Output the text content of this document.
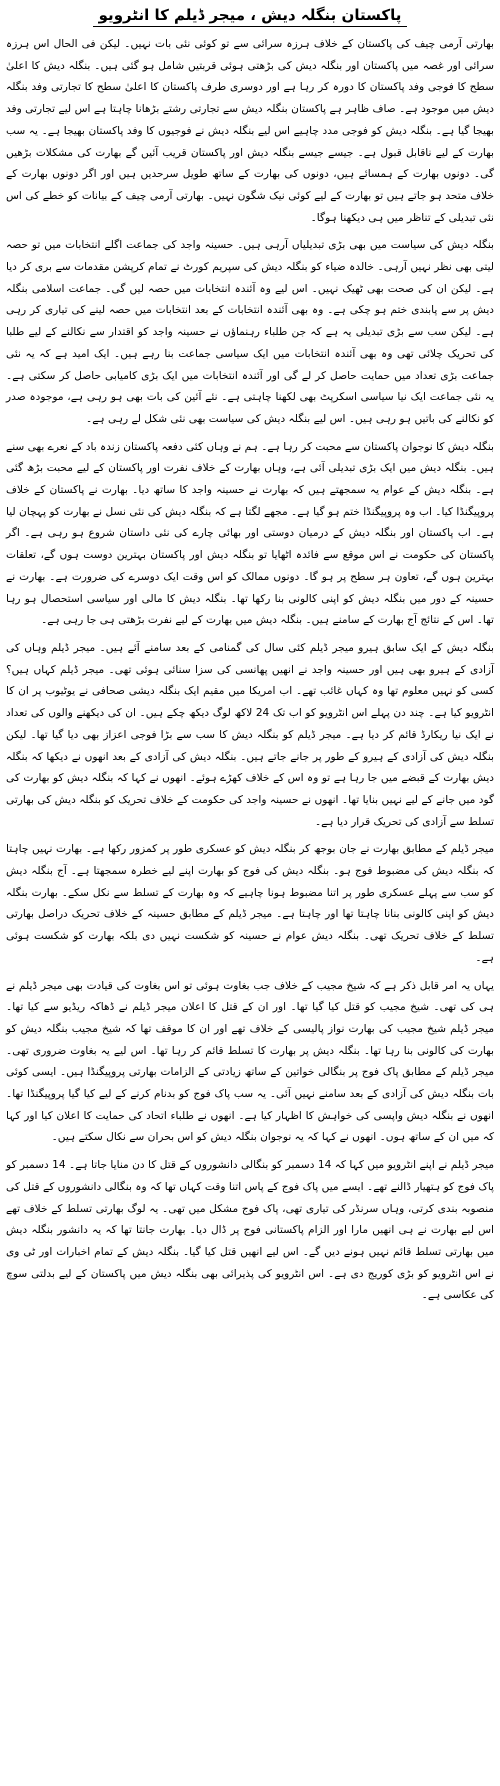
پاکستان بنگلہ دیش ، میجر ڈیلم کا انٹرویو

بھارتی آرمی چیف کی پاکستان کے خلاف ہرزہ سرائی سے تو کوئی نئی بات نہیں۔ لیکن فی الحال اس ہرزہ سرائی اور غصہ میں پاکستان اور بنگلہ دیش کی بڑھتی ہوئی قربتیں شامل ہو گئی ہیں۔ بنگلہ دیش کا اعلیٰ سطح کا فوجی وفد پاکستان کا دورہ کر رہا ہے اور دوسری طرف پاکستان کا اعلیٰ سطح کا تجارتی وفد بنگلہ دیش میں موجود ہے۔ صاف ظاہر ہے پاکستان بنگلہ دیش سے تجارتی رشتے بڑھانا چاہتا ہے اس لیے تجارتی وفد بھیجا گیا ہے۔ بنگلہ دیش کو فوجی مدد چاہیے اس لیے بنگلہ دیش نے فوجیوں کا وفد پاکستان بھیجا ہے۔ یہ سب بھارت کے لیے ناقابل قبول ہے۔ جیسے جیسے بنگلہ دیش اور پاکستان قریب آئیں گے بھارت کی مشکلات بڑھیں گی۔ دونوں بھارت کے ہمسائے ہیں، دونوں کی بھارت کے ساتھ طویل سرحدیں ہیں اور اگر دونوں بھارت کے خلاف متحد ہو جاتے ہیں تو بھارت کے لیے کوئی نیک شگون نہیں۔ بھارتی آرمی چیف کے بیانات کو خطے کی اس نئی تبدیلی کے تناظر میں ہی دیکھنا ہوگا۔

بنگلہ دیش کی سیاست میں بھی بڑی تبدیلیاں آرہی ہیں۔ حسینہ واجد کی جماعت اگلے انتخابات میں تو حصہ لیتی بھی نظر نہیں آرہی۔ خالدہ ضیاء کو بنگلہ دیش کی سپریم کورٹ نے تمام کرپشن مقدمات سے بری کر دیا ہے۔ لیکن ان کی صحت بھی ٹھیک نہیں۔ اس لیے وہ آئندہ انتخابات میں حصہ لیں گی۔ جماعت اسلامی بنگلہ دیش پر سے پابندی ختم ہو چکی ہے۔ وہ بھی آئندہ انتخابات کے بعد انتخابات میں حصہ لینے کی تیاری کر رہی ہے۔ لیکن سب سے بڑی تبدیلی یہ ہے کہ جن طلباء رہنماؤں نے حسینہ واجد کو اقتدار سے نکالنے کے لیے طلبا کی تحریک چلائی تھی وہ بھی آئندہ انتخابات میں ایک سیاسی جماعت بنا رہے ہیں۔ ایک امید ہے کہ یہ نئی جماعت بڑی تعداد میں حمایت حاصل کر لے گی اور آئندہ انتخابات میں ایک بڑی کامیابی حاصل کر سکتی ہے۔ یہ نئی جماعت ایک نیا سیاسی اسکرپٹ بھی لکھنا چاہتی ہے۔ نئے آئین کی بات بھی ہو رہی ہے، موجودہ صدر کو نکالنے کی باتیں ہو رہی ہیں۔ اس لیے بنگلہ دیش کی سیاست بھی نئی شکل لے رہی ہے۔

بنگلہ دیش کا نوجوان پاکستان سے محبت کر رہا ہے۔ ہم نے وہاں کئی دفعہ پاکستان زندہ باد کے نعرے بھی سنے ہیں۔ بنگلہ دیش میں ایک بڑی تبدیلی آئی ہے، وہاں بھارت کے خلاف نفرت اور پاکستان کے لیے محبت بڑھ گئی ہے۔ بنگلہ دیش کے عوام یہ سمجھتے ہیں کہ بھارت نے حسینہ واجد کا ساتھ دیا۔ بھارت نے پاکستان کے خلاف پروپیگنڈا کیا۔ اب وہ پروپیگنڈا ختم ہو گیا ہے۔ مجھے لگتا ہے کہ بنگلہ دیش کی نئی نسل نے بھارت کو پہچان لیا ہے۔ اب پاکستان اور بنگلہ دیش کے درمیان دوستی اور بھائی چارے کی نئی داستان شروع ہو رہی ہے۔ اگر پاکستان کی حکومت نے اس موقع سے فائدہ اٹھایا تو بنگلہ دیش اور پاکستان بہترین دوست ہوں گے، تعلقات بہترین ہوں گے، تعاون ہر سطح پر ہو گا۔ دونوں ممالک کو اس وقت ایک دوسرے کی ضرورت ہے۔ بھارت نے حسینہ کے دور میں بنگلہ دیش کو اپنی کالونی بنا رکھا تھا۔ بنگلہ دیش کا مالی اور سیاسی استحصال ہو رہا تھا۔ اس کے نتائج آج بھارت کے سامنے ہیں۔ بنگلہ دیش میں بھارت کے لیے نفرت بڑھتی ہی جا رہی ہے۔

بنگلہ دیش کے ایک سابق ہیرو میجر ڈیلم کئی سال کی گمنامی کے بعد سامنے آئے ہیں۔ میجر ڈیلم وہاں کی آزادی کے ہیرو بھی ہیں اور حسینہ واجد نے انھیں پھانسی کی سزا سنائی ہوئی تھی۔ میجر ڈیلم کہاں ہیں؟ کسی کو نہیں معلوم تھا وہ کہاں غائب تھے۔ اب امریکا میں مقیم ایک بنگلہ دیشی صحافی نے یوٹیوب پر ان کا انٹرویو کیا ہے۔ چند دن پہلے اس انٹرویو کو اب تک 24 لاکھ لوگ دیکھ چکے ہیں۔ ان کی دیکھنے والوں کی تعداد نے ایک نیا ریکارڈ قائم کر دیا ہے۔ میجر ڈیلم کو بنگلہ دیش کا سب سے بڑا فوجی اعزاز بھی دیا گیا تھا۔ لیکن بنگلہ دیش کی آزادی کے ہیرو کے طور پر جانے جاتے ہیں۔ بنگلہ دیش کی آزادی کے بعد انھوں نے دیکھا کہ بنگلہ دیش بھارت کے قبضے میں جا رہا ہے تو وہ اس کے خلاف کھڑے ہوئے۔ انھوں نے کہا کہ بنگلہ دیش کو بھارت کی گود میں جانے کے لیے نہیں بنایا تھا۔ انھوں نے حسینہ واجد کی حکومت کے خلاف تحریک کو بنگلہ دیش کی بھارتی تسلط سے آزادی کی تحریک قرار دیا ہے۔

میجر ڈیلم کے مطابق بھارت نے جان بوجھ کر بنگلہ دیش کو عسکری طور پر کمزور رکھا ہے۔ بھارت نہیں چاہتا کہ بنگلہ دیش کی مضبوط فوج ہو۔ بنگلہ دیش کی فوج کو بھارت اپنے لیے خطرہ سمجھتا ہے۔ آج بنگلہ دیش کو سب سے پہلے عسکری طور پر اتنا مضبوط ہونا چاہیے کہ وہ بھارت کے تسلط سے نکل سکے۔ بھارت بنگلہ دیش کو اپنی کالونی بنانا چاہتا تھا اور چاہتا ہے۔ میجر ڈیلم کے مطابق حسینہ کے خلاف تحریک دراصل بھارتی تسلط کے خلاف تحریک تھی۔ بنگلہ دیش عوام نے حسینہ کو شکست نہیں دی بلکہ بھارت کو شکست ہوئی ہے۔

یہاں یہ امر قابل ذکر ہے کہ شیخ مجیب کے خلاف جب بغاوت ہوئی تو اس بغاوت کی قیادت بھی میجر ڈیلم نے ہی کی تھی۔ شیخ مجیب کو قتل کیا گیا تھا۔ اور ان کے قتل کا اعلان میجر ڈیلم نے ڈھاکہ ریڈیو سے کیا تھا۔ میجر ڈیلم شیخ مجیب کی بھارت نواز پالیسی کے خلاف تھے اور ان کا موقف تھا کہ شیخ مجیب بنگلہ دیش کو بھارت کی کالونی بنا رہا تھا۔ بنگلہ دیش پر بھارت کا تسلط قائم کر رہا تھا۔ اس لیے یہ بغاوت ضروری تھی۔ میجر ڈیلم کے مطابق پاک فوج پر بنگالی خواتین کے ساتھ زیادتی کے الزامات بھارتی پروپیگنڈا ہیں۔ ایسی کوئی بات بنگلہ دیش کی آزادی کے بعد سامنے نہیں آئی۔ یہ سب پاک فوج کو بدنام کرنے کے لیے کیا گیا پروپیگنڈا تھا۔ انھوں نے بنگلہ دیش واپسی کی خواہش کا اظہار کیا ہے۔ انھوں نے طلباء اتحاد کی حمایت کا اعلان کیا اور کہا کہ میں ان کے ساتھ ہوں۔ انھوں نے کہا کہ یہ نوجوان بنگلہ دیش کو اس بحران سے نکال سکتے ہیں۔

میجر ڈیلم نے اپنے انٹرویو میں کہا کہ 14 دسمبر کو بنگالی دانشوروں کے قتل کا دن منایا جاتا ہے۔ 14 دسمبر کو پاک فوج کو ہتھیار ڈالنے تھے۔ ایسے میں پاک فوج کے پاس اتنا وقت کہاں تھا کہ وہ بنگالی دانشوروں کے قتل کی منصوبہ بندی کرتی، وہاں سرنڈر کی تیاری تھی، پاک فوج مشکل میں تھی۔ یہ لوگ بھارتی تسلط کے خلاف تھے اس لیے بھارت نے ہی انھیں مارا اور الزام پاکستانی فوج پر ڈال دیا۔ بھارت جانتا تھا کہ یہ دانشور بنگلہ دیش میں بھارتی تسلط قائم نہیں ہونے دیں گے۔ اس لیے انھیں قتل کیا گیا۔ بنگلہ دیش کے تمام اخبارات اور ٹی وی نے اس انٹرویو کو بڑی کوریج دی ہے۔ اس انٹرویو کی پذیرائی بھی بنگلہ دیش میں پاکستان کے لیے بدلتی سوچ کی عکاسی ہے۔
